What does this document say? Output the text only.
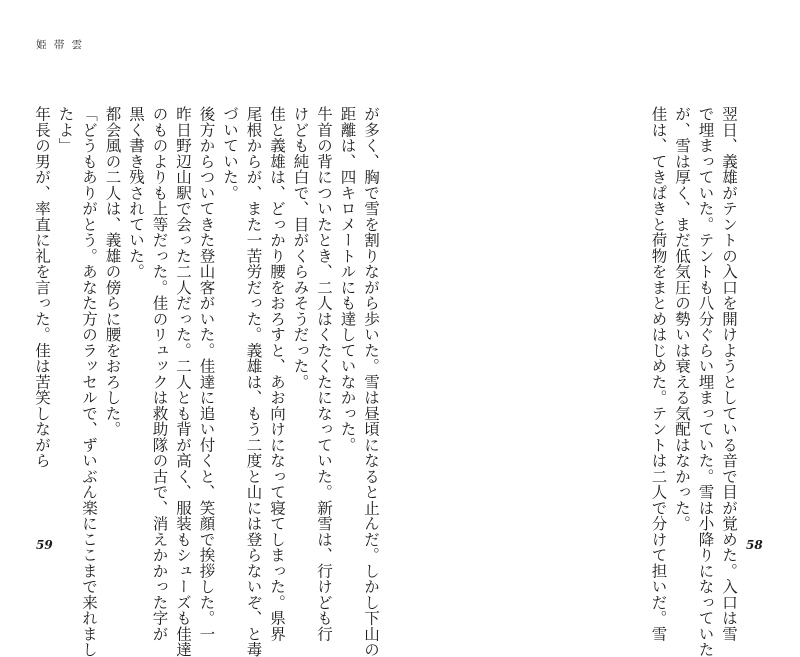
姫 帯 雲

が多く、胸で雪を割りながら歩いた。雪は昼頃になると止んだ。しかし下山の

距離は、四キロメートルにも達していなかった。

牛首の背についたとき、二人はくたくたになっていた。新雪は、行けども行

けども純白で、目がくらみそうだった。

佳と義雄は、どっかり腰をおろすと、あお向けになって寝てしまった。県界

尾根からが、また一苦労だった。義雄は、もう二度と山には登らないぞ、と毒

づいていた。

後方からついてきた登山客がいた。佳達に追い付くと、笑顔で挨拶した。一

昨日野辺山駅で会った二人だった。二人とも背が高く、服装もシューズも佳達

のものよりも上等だった。佳のリュックは救助隊の古で、消えかかった字が

黒く書き残されていた。

都会風の二人は、義雄の傍らに腰をおろした。

「どうもありがとう。あなた方のラッセルで、ずいぶん楽にここまで来れまし

たよ」

年長の男が、率直に礼を言った。佳は苦笑しながら

59	翌日、義雄がテントの入口を開けようとしている音で目が覚めた。入口は雪

で埋まっていた。テントも八分ぐらい埋まっていた。雪は小降りになっていた

が、雪は厚く、まだ低気圧の勢いは衰える気配はなかった。

佳は、てきぱきと荷物をまとめはじめた。テントは二人で分けて担いだ。雪	58
